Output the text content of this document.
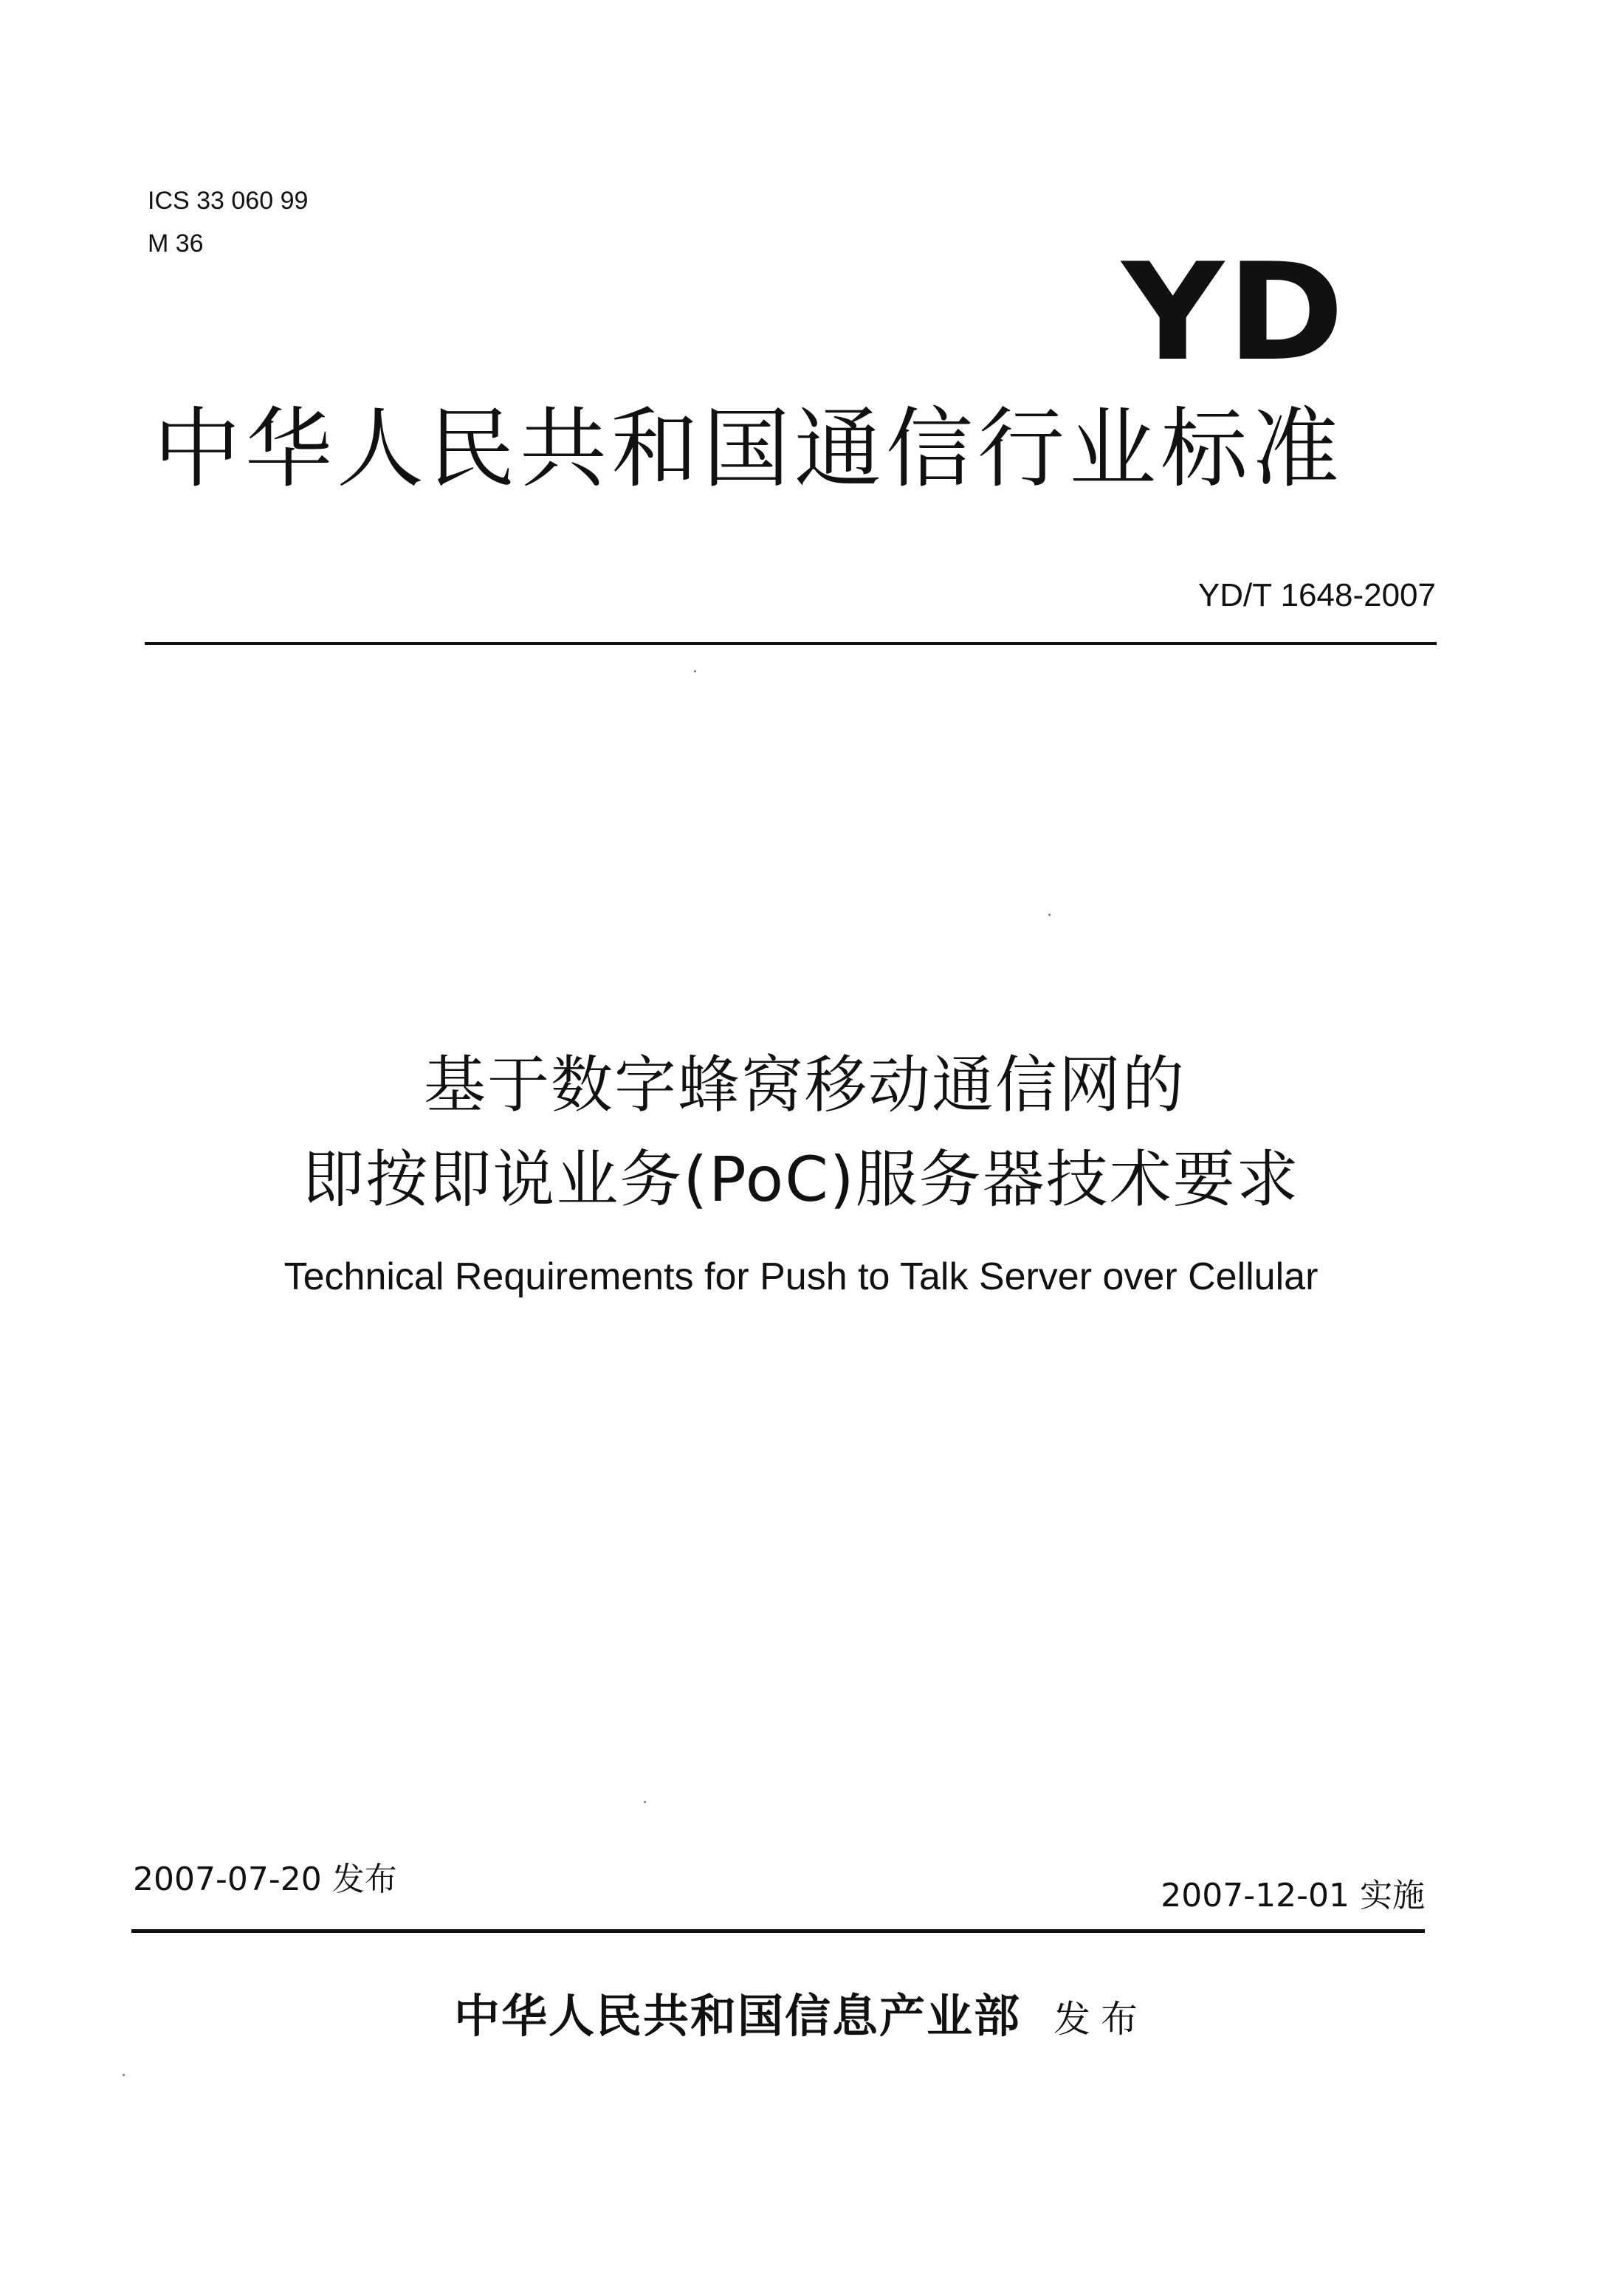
ICS 33 060 99
M 36	YD
中华人民共和国通信行业标准
YD/T 1648-2007
基于数字蜂窝移动通信网的
即按即说业务(PoC)服务器技术要求
Technical Requirements for Push to Talk Server over Cellular
2007-07-20 发布	2007-12-01 实施
中华人民共和国信息产业部 发布
